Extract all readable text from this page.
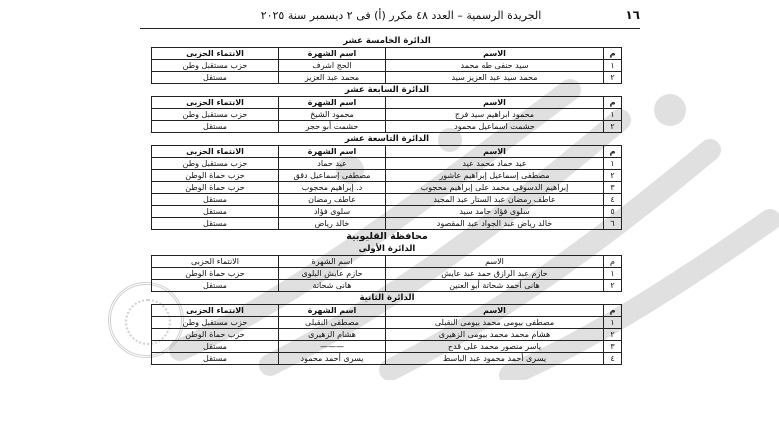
١٦
الجريدة الرسمية – العدد ٤٨ مكرر (أ) فى ٢ ديسمبر سنة ٢٠٢٥
الدائرة الخامسة عشر
م	الاسم	اسم الشهرة	الانتماء الحزبى
١	سيد حنفى طه محمد	الحج اشرف	حزب مستقبل وطن
٢	محمد سيد عبد العزيز سيد	محمد عبد العزيز	مستقل
الدائرة السابعة عشر
م	الاسم	اسم الشهرة	الانتماء الحزبى
١	محمود ابراهيم سيد فرج	محمود الشيخ	حزب مستقبل وطن
٢	حشمت اسماعيل محمود	حشمت أبو حجر	مستقل
الدائرة التاسعة عشر
م	الاسم	اسم الشهرة	الانتماء الحزبى
١	عيد حماد محمد عيد	عيد حماد	حزب مستقبل وطن
٢	مصطفى إسماعيل إبراهيم عاشور	مصطفى إسماعيل دقق	حزب حماة الوطن
٣	إبراهيم الدسوقى محمد على إبراهيم محجوب	د. إبراهيم محجوب	حزب حماة الوطن
٤	عاطف رمضان عبد الستار عبد المجيد	عاطف رمضان	مستقل
٥	سلوى فؤاد حامد سيد	سلوى فؤاد	مستقل
٦	خالد رياض عبد الجواد عبد المقصود	خالد رياض	مستقل
محافظة القليوبية
الدائرة الأولى
م	الاسم	اسم الشهرة	الانتماء الحزبى
١	حازم عبد الرازق حمد عبد عايش	حازم عايش البلوى	حزب حماة الوطن
٢	هانى أحمد شحاتة أبو العنين	هانى شحاتة	مستقل
الدائرة الثانية
م	الاسم	اسم الشهرة	الانتماء الحزبى
١	مصطفى بيومى محمد بيومى النقيلى	مصطفى النقيلى	حزب مستقبل وطن
٢	هشام محمد محمد بيومى الزهيرى	هشام الزهيرى	حزب حماة الوطن
٣	ياسر منصور محمد على قدح	———	مستقل
٤	يسرى أحمد محمود عبد الباسط	يسرى أحمد محمود	مستقل
